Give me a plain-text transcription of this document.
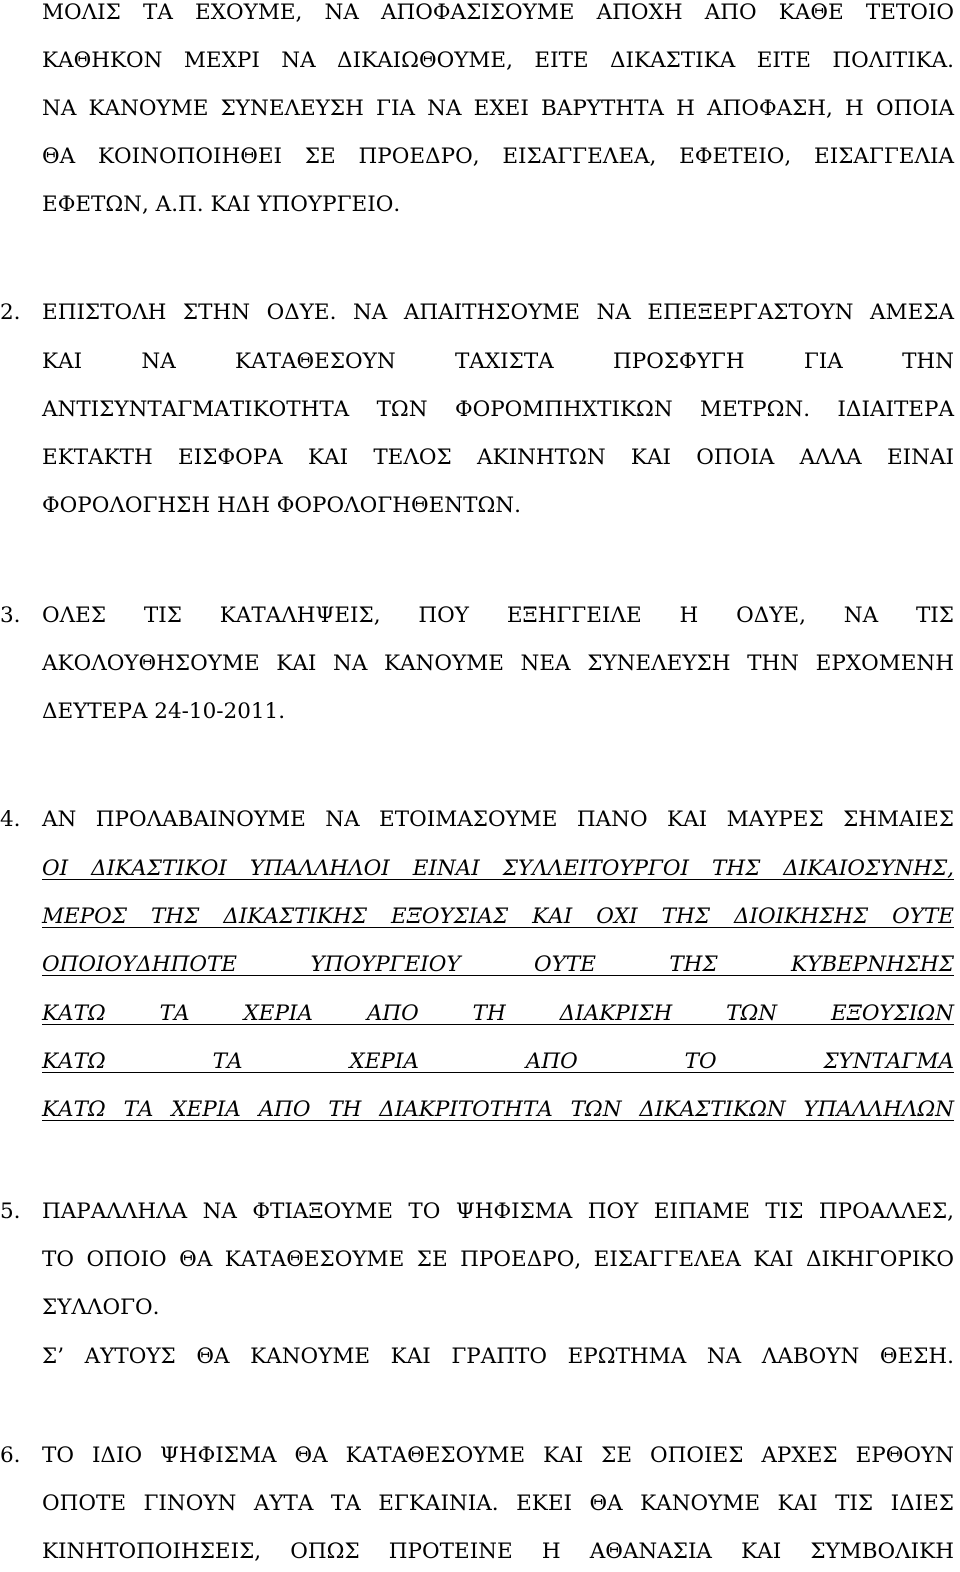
ΜΟΛΙΣ ΤΑ ΕΧΟΥΜΕ, ΝΑ ΑΠΟΦΑΣΙΣΟΥΜΕ ΑΠΟΧΗ ΑΠΟ ΚΑΘΕ ΤΕΤΟΙΟ
ΚΑΘΗΚΟΝ ΜΕΧΡΙ ΝΑ ΔΙΚΑΙΩΘΟΥΜΕ, ΕΙΤΕ ΔΙΚΑΣΤΙΚΑ ΕΙΤΕ ΠΟΛΙΤΙΚΑ.
ΝΑ ΚΑΝΟΥΜΕ ΣΥΝΕΛΕΥΣΗ ΓΙΑ ΝΑ ΕΧΕΙ ΒΑΡΥΤΗΤΑ Η ΑΠΟΦΑΣΗ, Η ΟΠΟΙΑ
ΘΑ ΚΟΙΝΟΠΟΙΗΘΕΙ ΣΕ ΠΡΟΕΔΡΟ, ΕΙΣΑΓΓΕΛΕΑ, ΕΦΕΤΕΙΟ, ΕΙΣΑΓΓΕΛΙΑ
ΕΦΕΤΩΝ, Α.Π. ΚΑΙ ΥΠΟΥΡΓΕΙΟ.
2. ΕΠΙΣΤΟΛΗ ΣΤΗΝ ΟΔΥΕ. ΝΑ ΑΠΑΙΤΗΣΟΥΜΕ ΝΑ ΕΠΕΞΕΡΓΑΣΤΟΥΝ ΑΜΕΣΑ
ΚΑΙ ΝΑ ΚΑΤΑΘΕΣΟΥΝ ΤΑΧΙΣΤΑ ΠΡΟΣΦΥΓΗ ΓΙΑ ΤΗΝ
ΑΝΤΙΣΥΝΤΑΓΜΑΤΙΚΟΤΗΤΑ ΤΩΝ ΦΟΡΟΜΠΗΧΤΙΚΩΝ ΜΕΤΡΩΝ. ΙΔΙΑΙΤΕΡΑ
ΕΚΤΑΚΤΗ ΕΙΣΦΟΡΑ ΚΑΙ ΤΕΛΟΣ ΑΚΙΝΗΤΩΝ ΚΑΙ ΟΠΟΙΑ ΑΛΛΑ ΕΙΝΑΙ
ΦΟΡΟΛΟΓΗΣΗ ΗΔΗ ΦΟΡΟΛΟΓΗΘΕΝΤΩΝ.
3. ΟΛΕΣ ΤΙΣ ΚΑΤΑΛΗΨΕΙΣ, ΠΟΥ ΕΞΗΓΓΕΙΛΕ Η ΟΔΥΕ, ΝΑ ΤΙΣ
ΑΚΟΛΟΥΘΗΣΟΥΜΕ ΚΑΙ ΝΑ ΚΑΝΟΥΜΕ ΝΕΑ ΣΥΝΕΛΕΥΣΗ ΤΗΝ ΕΡΧΟΜΕΝΗ
ΔΕΥΤΕΡΑ 24-10-2011.
4. ΑΝ ΠΡΟΛΑΒΑΙΝΟΥΜΕ ΝΑ ΕΤΟΙΜΑΣΟΥΜΕ ΠΑΝΟ ΚΑΙ ΜΑΥΡΕΣ ΣΗΜΑΙΕΣ
ΟΙ ΔΙΚΑΣΤΙΚΟΙ ΥΠΑΛΛΗΛΟΙ ΕΙΝΑΙ ΣΥΛΛΕΙΤΟΥΡΓΟΙ ΤΗΣ ΔΙΚΑΙΟΣΥΝΗΣ,
ΜΕΡΟΣ ΤΗΣ ΔΙΚΑΣΤΙΚΗΣ ΕΞΟΥΣΙΑΣ ΚΑΙ ΟΧΙ ΤΗΣ ΔΙΟΙΚΗΣΗΣ ΟΥΤΕ
ΟΠΟΙΟΥΔΗΠΟΤΕ ΥΠΟΥΡΓΕΙΟΥ ΟΥΤΕ ΤΗΣ ΚΥΒΕΡΝΗΣΗΣ
ΚΑΤΩ ΤΑ ΧΕΡΙΑ ΑΠΟ ΤΗ ΔΙΑΚΡΙΣΗ ΤΩΝ ΕΞΟΥΣΙΩΝ
ΚΑΤΩ ΤΑ ΧΕΡΙΑ ΑΠΟ ΤΟ ΣΥΝΤΑΓΜΑ
ΚΑΤΩ ΤΑ ΧΕΡΙΑ ΑΠΟ ΤΗ ΔΙΑΚΡΙΤΟΤΗΤΑ ΤΩΝ ΔΙΚΑΣΤΙΚΩΝ ΥΠΑΛΛΗΛΩΝ
5. ΠΑΡΑΛΛΗΛΑ ΝΑ ΦΤΙΑΞΟΥΜΕ ΤΟ ΨΗΦΙΣΜΑ ΠΟΥ ΕΙΠΑΜΕ ΤΙΣ ΠΡΟΑΛΛΕΣ,
ΤΟ ΟΠΟΙΟ ΘΑ ΚΑΤΑΘΕΣΟΥΜΕ ΣΕ ΠΡΟΕΔΡΟ, ΕΙΣΑΓΓΕΛΕΑ ΚΑΙ ΔΙΚΗΓΟΡΙΚΟ
ΣΥΛΛΟΓΟ.
Σ’ ΑΥΤΟΥΣ ΘΑ ΚΑΝΟΥΜΕ ΚΑΙ ΓΡΑΠΤΟ ΕΡΩΤΗΜΑ ΝΑ ΛΑΒΟΥΝ ΘΕΣΗ.
6. ΤΟ ΙΔΙΟ ΨΗΦΙΣΜΑ ΘΑ ΚΑΤΑΘΕΣΟΥΜΕ ΚΑΙ ΣΕ ΟΠΟΙΕΣ ΑΡΧΕΣ ΕΡΘΟΥΝ
ΟΠΟΤΕ ΓΙΝΟΥΝ ΑΥΤΑ ΤΑ ΕΓΚΑΙΝΙΑ. ΕΚΕΙ ΘΑ ΚΑΝΟΥΜΕ ΚΑΙ ΤΙΣ ΙΔΙΕΣ
ΚΙΝΗΤΟΠΟΙΗΣΕΙΣ, ΟΠΩΣ ΠΡΟΤΕΙΝΕ Η ΑΘΑΝΑΣΙΑ ΚΑΙ ΣΥΜΒΟΛΙΚΗ
